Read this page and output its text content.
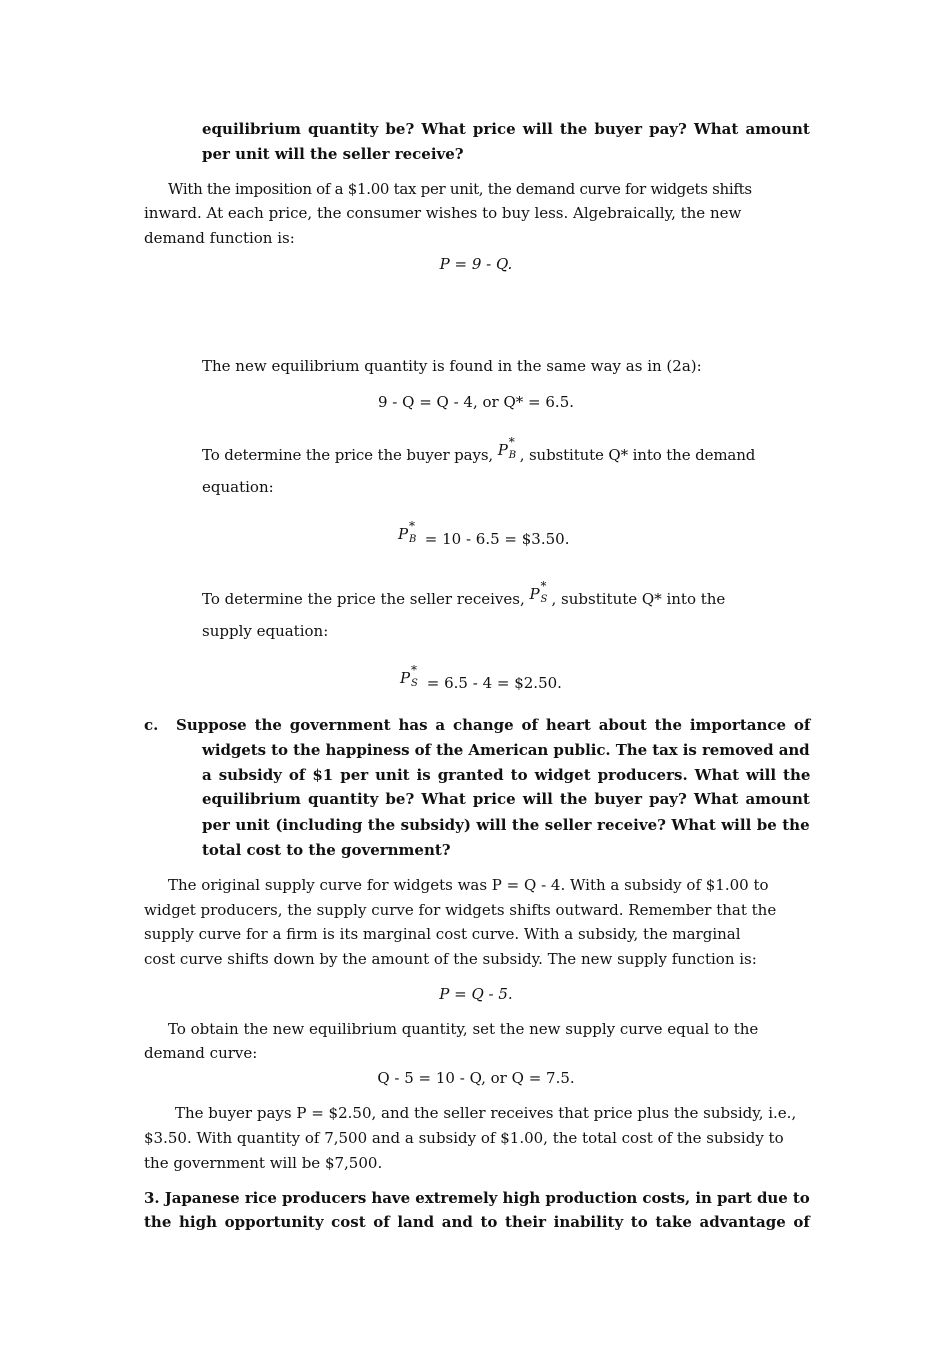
equilibrium quantity be? What price will the buyer pay? What amount
per unit will the seller receive?
With the imposition of a $1.00 tax per unit, the demand curve for widgets shifts
inward. At each price, the consumer wishes to buy less. Algebraically, the new
demand function is:
P = 9 - Q.
The new equilibrium quantity is found in the same way as in (2a):
9 - Q = Q - 4, or Q* = 6.5.
To determine the price the buyer pays, P *
B , substitute Q* into the demand
equation:
P *
B = 10 - 6.5 = $3.50.
To determine the price the seller receives, P *
S , substitute Q* into the
supply equation:
P *
S = 6.5 - 4 = $2.50.
c. Suppose the government has a change of heart about the importance of
widgets to the happiness of the American public. The tax is removed and
a subsidy of $1 per unit is granted to widget producers. What will the
equilibrium quantity be? What price will the buyer pay? What amount
per unit (including the subsidy) will the seller receive? What will be the
total cost to the government?
The original supply curve for widgets was P = Q - 4. With a subsidy of $1.00 to
widget producers, the supply curve for widgets shifts outward. Remember that the
supply curve for a firm is its marginal cost curve. With a subsidy, the marginal
cost curve shifts down by the amount of the subsidy. The new supply function is:
P = Q - 5.
To obtain the new equilibrium quantity, set the new supply curve equal to the
demand curve:
Q - 5 = 10 - Q, or Q = 7.5.
The buyer pays P = $2.50, and the seller receives that price plus the subsidy, i.e.,
$3.50. With quantity of 7,500 and a subsidy of $1.00, the total cost of the subsidy to
the government will be $7,500.
3. Japanese rice producers have extremely high production costs, in part due to
the high opportunity cost of land and to their inability to take advantage of
